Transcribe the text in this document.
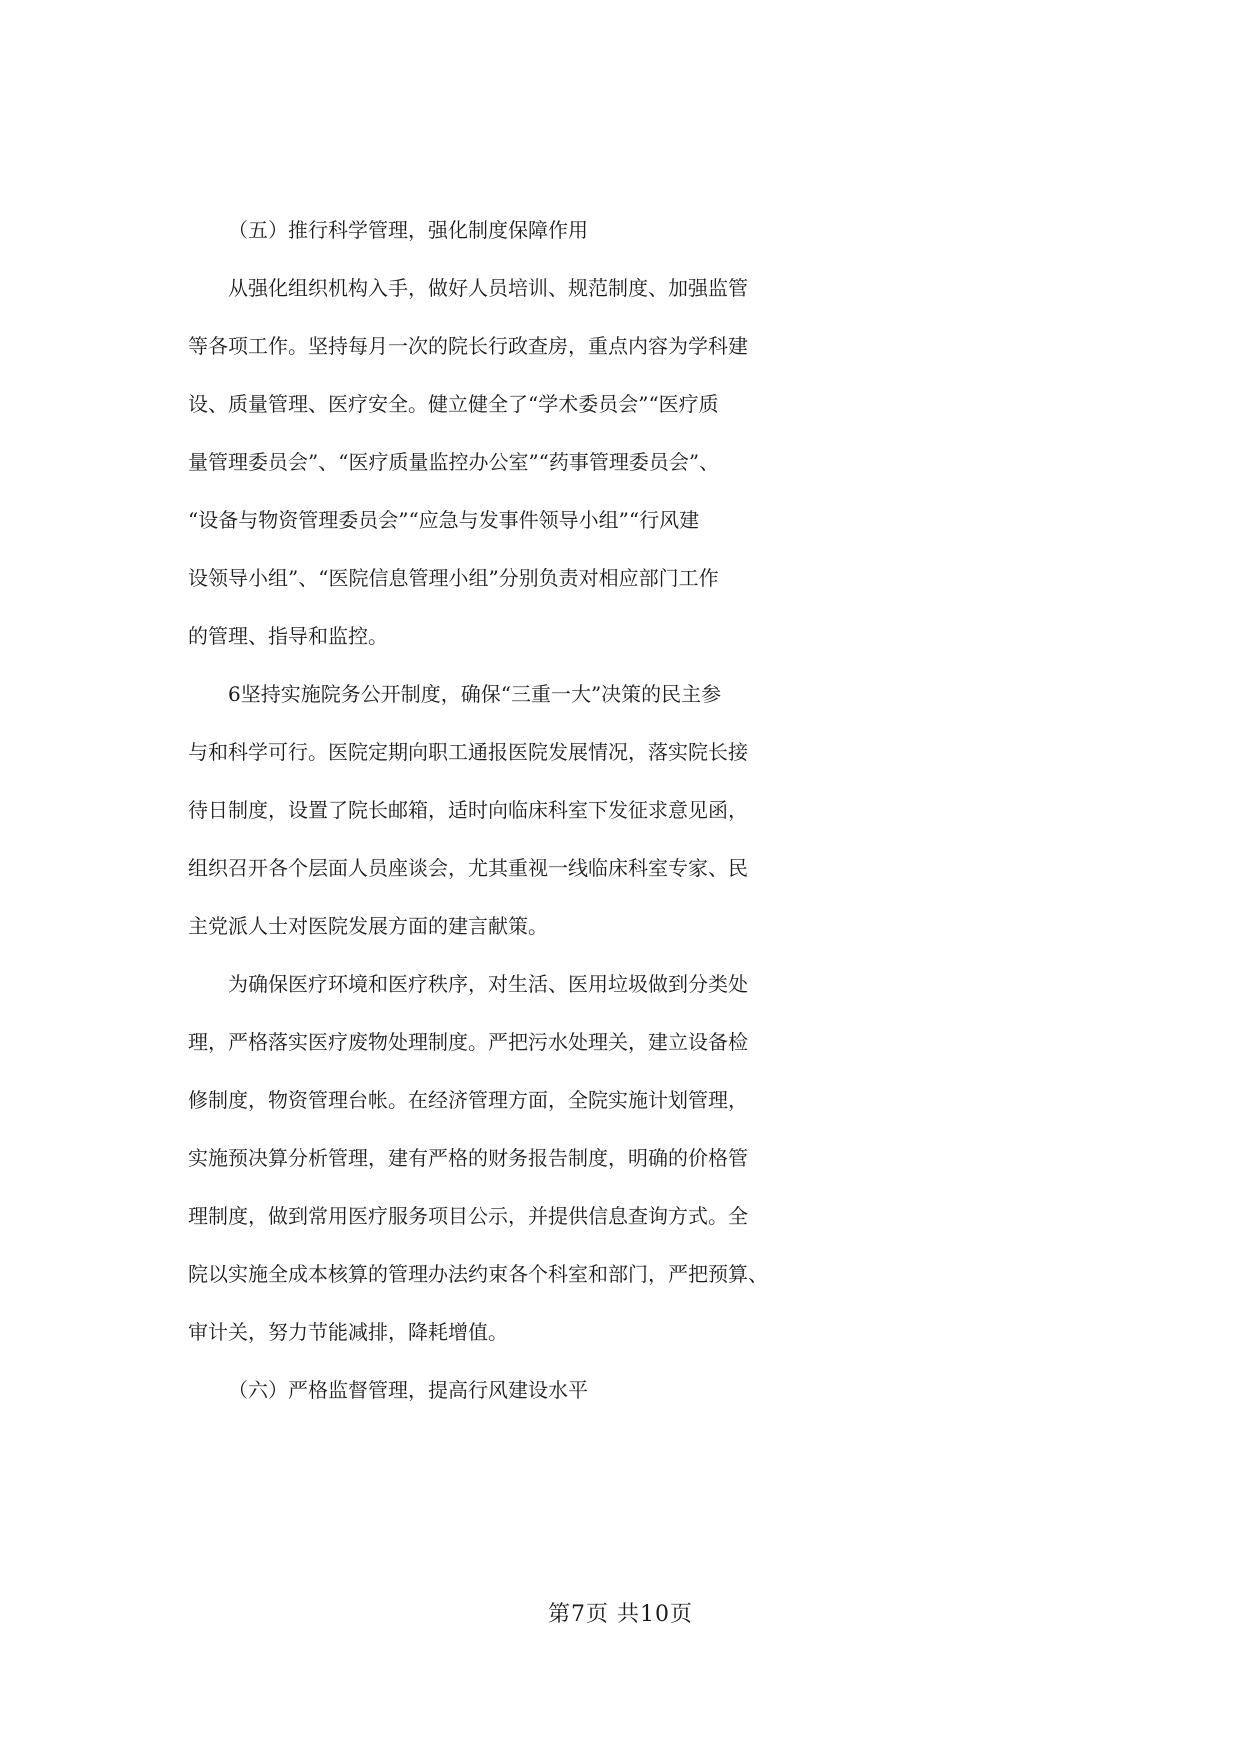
（五）推行科学管理，强化制度保障作用
从强化组织机构入手，做好人员培训、规范制度、加强监管
等各项工作。坚持每月一次的院长行政查房，重点内容为学科建
设、质量管理、医疗安全。健立健全了“学术委员会”“医疗质
量管理委员会”、“医疗质量监控办公室”“药事管理委员会”、
“设备与物资管理委员会”“应急与发事件领导小组”“行风建
设领导小组”、“医院信息管理小组”分别负责对相应部门工作
的管理、指导和监控。
6坚持实施院务公开制度，确保“三重一大”决策的民主参
与和科学可行。医院定期向职工通报医院发展情况，落实院长接
待日制度，设置了院长邮箱，适时向临床科室下发征求意见函，
组织召开各个层面人员座谈会，尤其重视一线临床科室专家、民
主党派人士对医院发展方面的建言献策。
为确保医疗环境和医疗秩序，对生活、医用垃圾做到分类处
理，严格落实医疗废物处理制度。严把污水处理关，建立设备检
修制度，物资管理台帐。在经济管理方面，全院实施计划管理，
实施预决算分析管理，建有严格的财务报告制度，明确的价格管
理制度，做到常用医疗服务项目公示，并提供信息查询方式。全
院以实施全成本核算的管理办法约束各个科室和部门，严把预算、
审计关，努力节能减排，降耗增值。
（六）严格监督管理，提高行风建设水平
第7页 共10页
